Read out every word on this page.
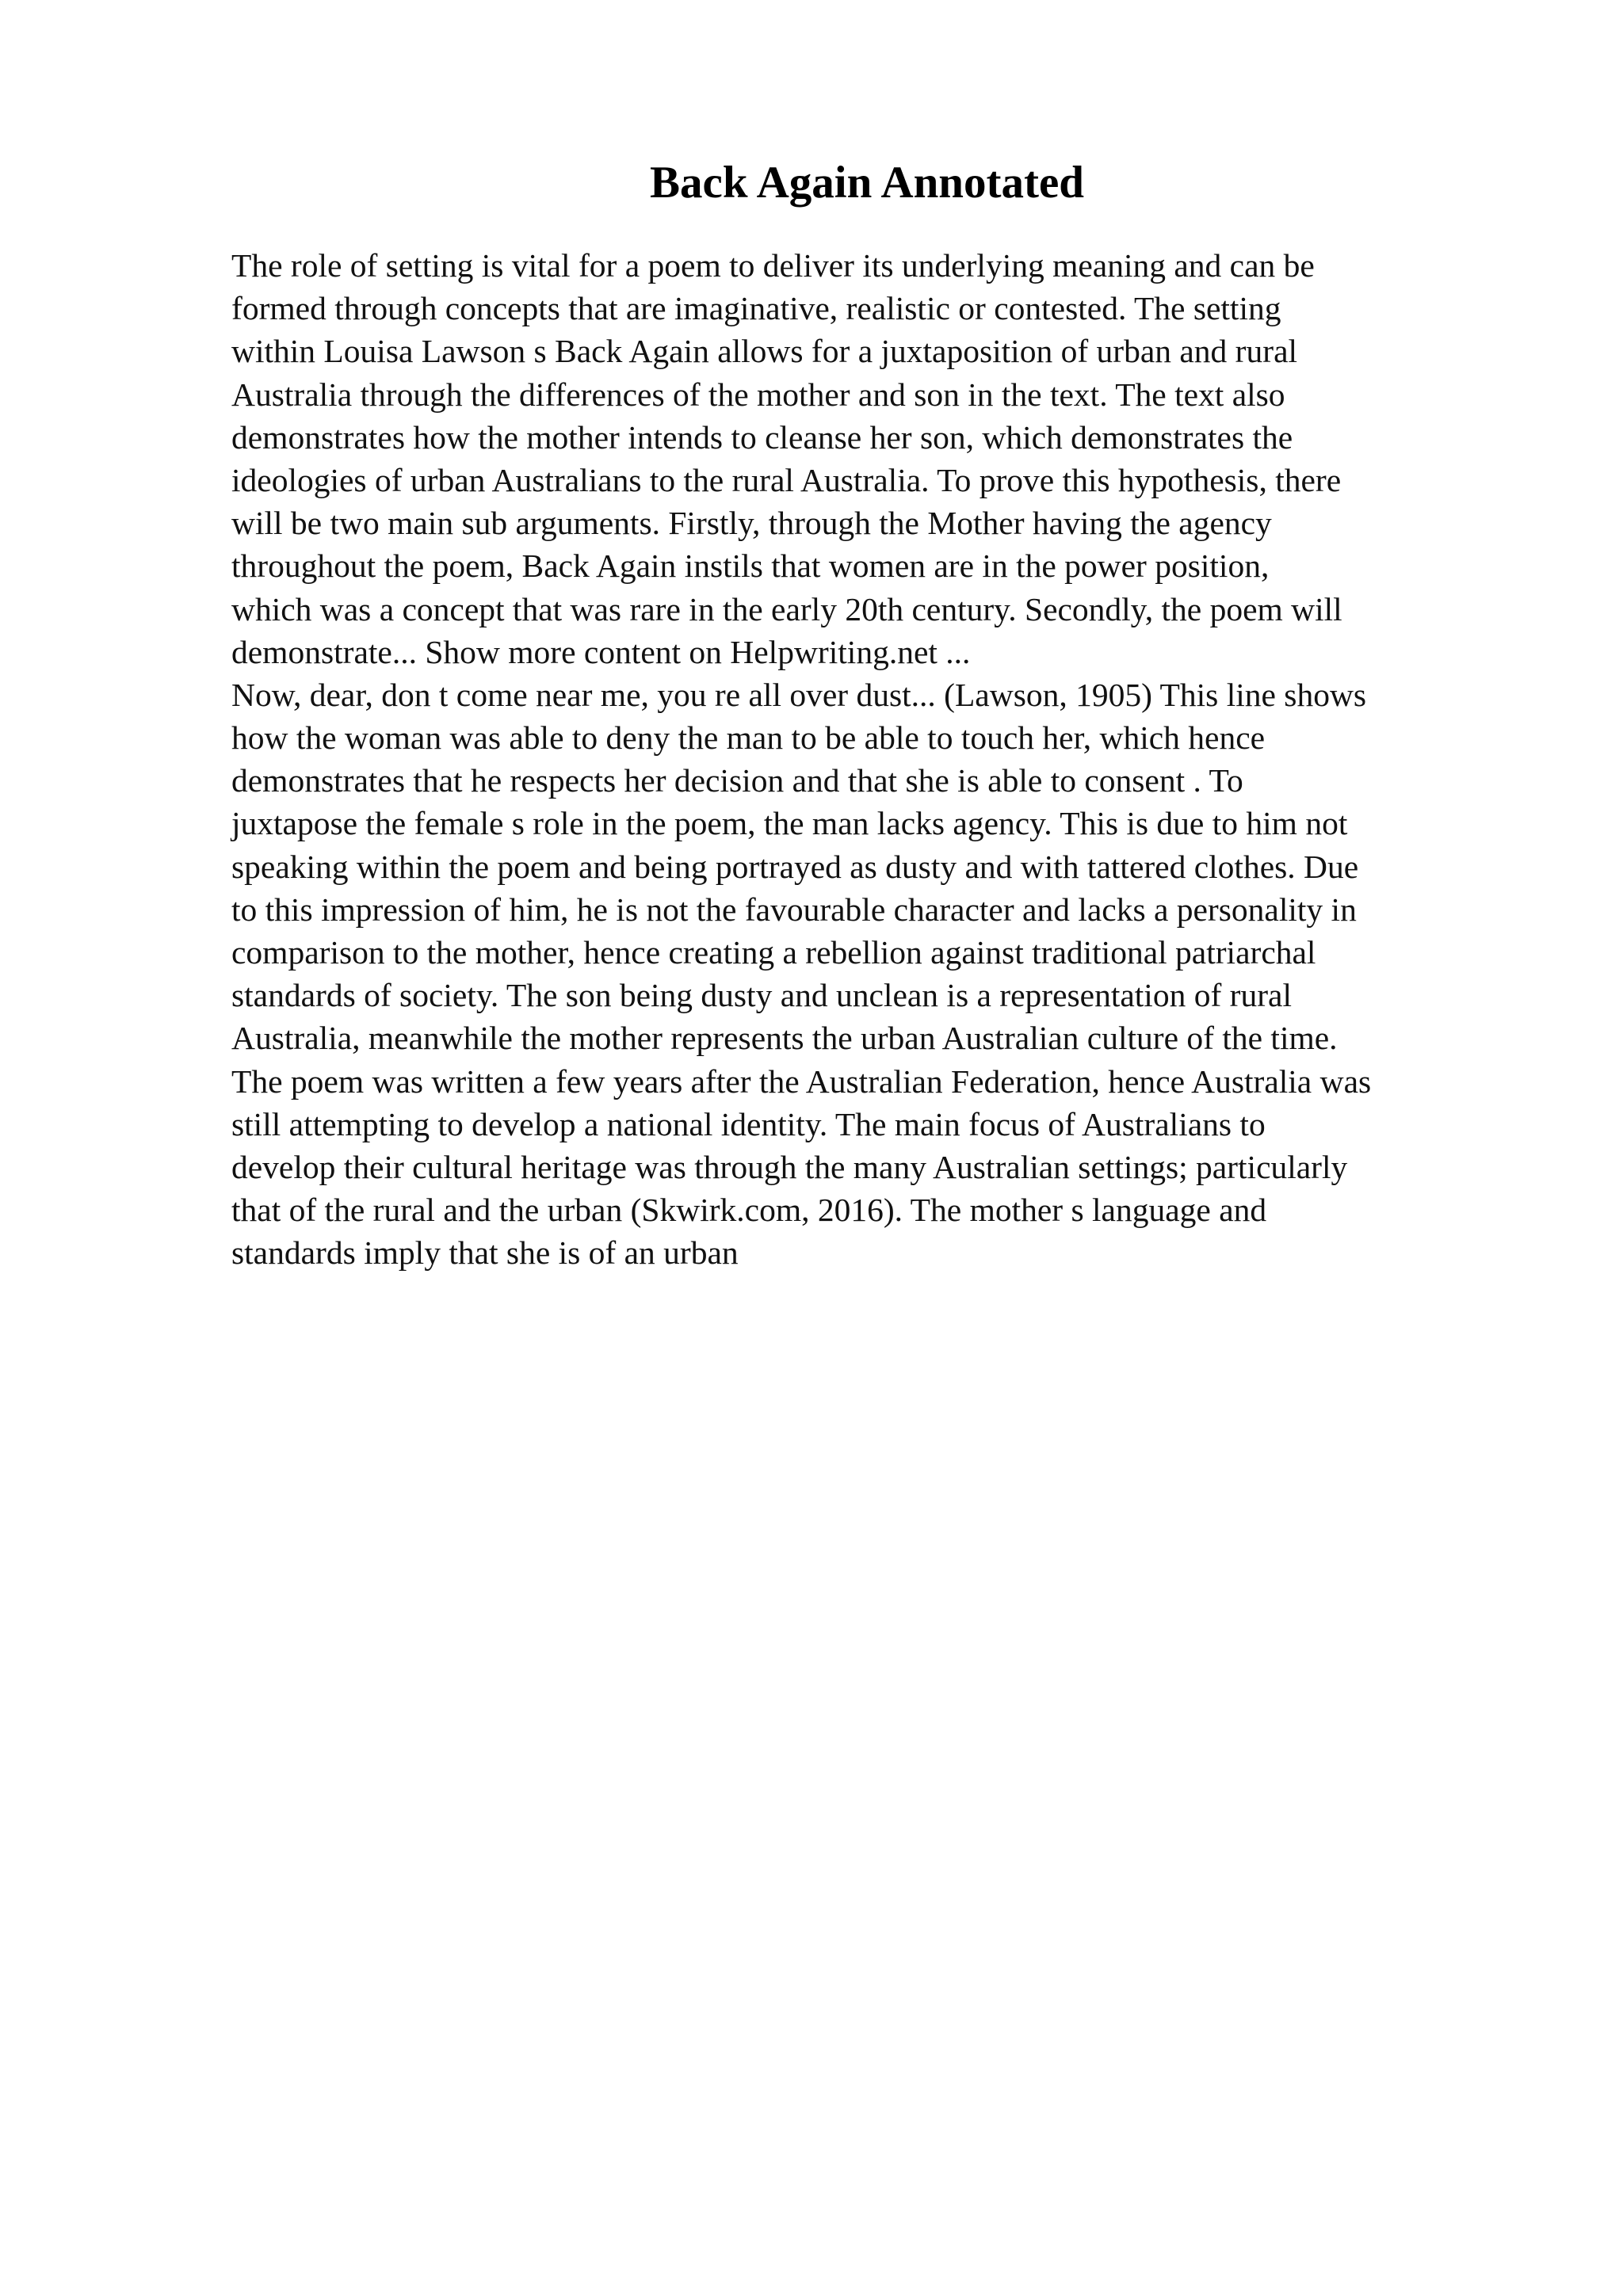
Back Again Annotated
The role of setting is vital for a poem to deliver its underlying meaning and can be
formed through concepts that are imaginative, realistic or contested. The setting
within Louisa Lawson s Back Again allows for a juxtaposition of urban and rural
Australia through the differences of the mother and son in the text. The text also
demonstrates how the mother intends to cleanse her son, which demonstrates the
ideologies of urban Australians to the rural Australia. To prove this hypothesis, there
will be two main sub arguments. Firstly, through the Mother having the agency
throughout the poem, Back Again instils that women are in the power position,
which was a concept that was rare in the early 20th century. Secondly, the poem will
demonstrate... Show more content on Helpwriting.net ...
Now, dear, don t come near me, you re all over dust... (Lawson, 1905) This line shows
how the woman was able to deny the man to be able to touch her, which hence
demonstrates that he respects her decision and that she is able to consent . To
juxtapose the female s role in the poem, the man lacks agency. This is due to him not
speaking within the poem and being portrayed as dusty and with tattered clothes. Due
to this impression of him, he is not the favourable character and lacks a personality in
comparison to the mother, hence creating a rebellion against traditional patriarchal
standards of society. The son being dusty and unclean is a representation of rural
Australia, meanwhile the mother represents the urban Australian culture of the time.
The poem was written a few years after the Australian Federation, hence Australia was
still attempting to develop a national identity. The main focus of Australians to
develop their cultural heritage was through the many Australian settings; particularly
that of the rural and the urban (Skwirk.com, 2016). The mother s language and
standards imply that she is of an urban
